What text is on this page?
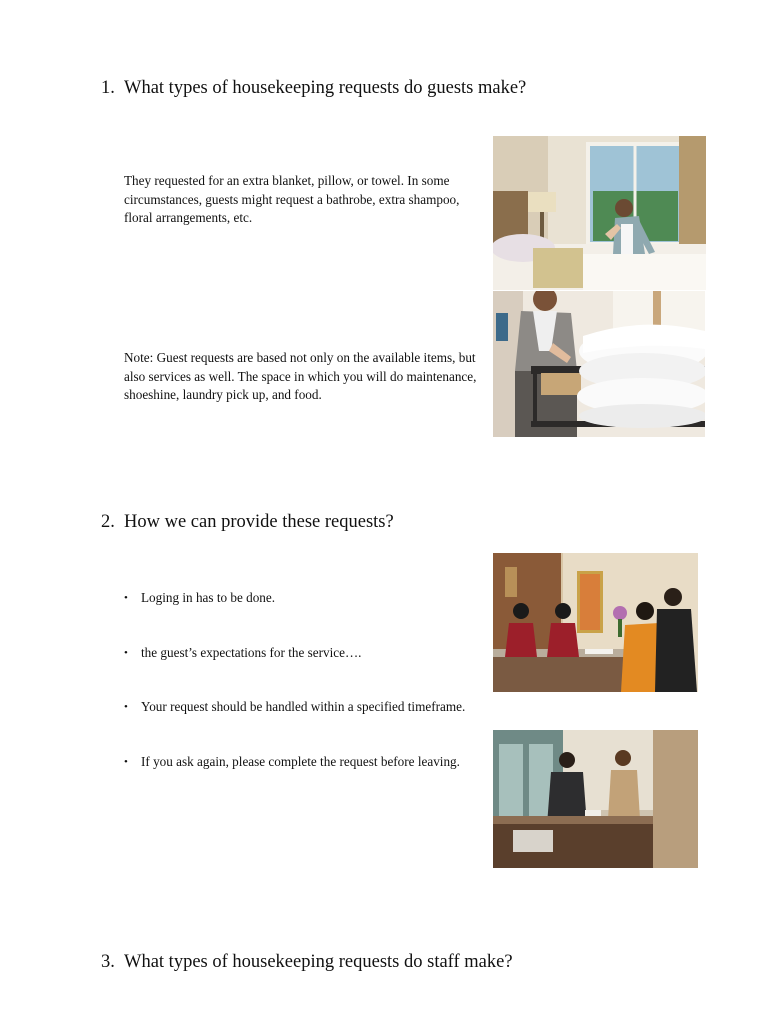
1. What types of housekeeping requests do guests make?
They requested for an extra blanket, pillow, or towel. In some circumstances, guests might request a bathrobe, extra shampoo, floral arrangements, etc.
Note: Guest requests are based not only on the available items, but also services as well. The space in which you will do maintenance, shoeshine, laundry pick up, and food.
2. How we can provide these requests?
• Loging in has to be done.
• the guest’s expectations for the service….
• Your request should be handled within a specified timeframe.
• If you ask again, please complete the request before leaving.
3. What types of housekeeping requests do staff make?
